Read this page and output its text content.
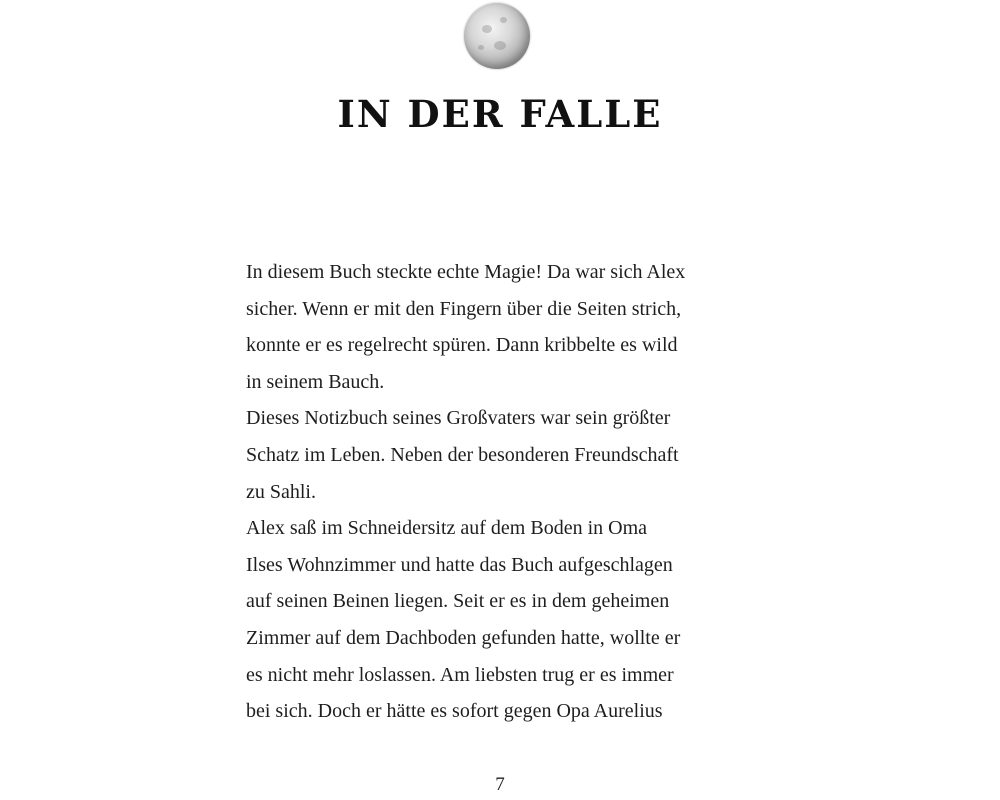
IN DER FALLE
In diesem Buch steckte echte Magie! Da war sich Alex
sicher. Wenn er mit den Fingern über die Seiten strich,
konnte er es regelrecht spüren. Dann kribbelte es wild
in seinem Bauch.
Dieses Notizbuch seines Großvaters war sein größter
Schatz im Leben. Neben der besonderen Freundschaft
zu Sahli.
Alex saß im Schneidersitz auf dem Boden in Oma
Ilses Wohnzimmer und hatte das Buch aufgeschlagen
auf seinen Beinen liegen. Seit er es in dem geheimen
Zimmer auf dem Dachboden gefunden hatte, wollte er
es nicht mehr loslassen. Am liebsten trug er es immer
bei sich. Doch er hätte es sofort gegen Opa Aurelius
7
